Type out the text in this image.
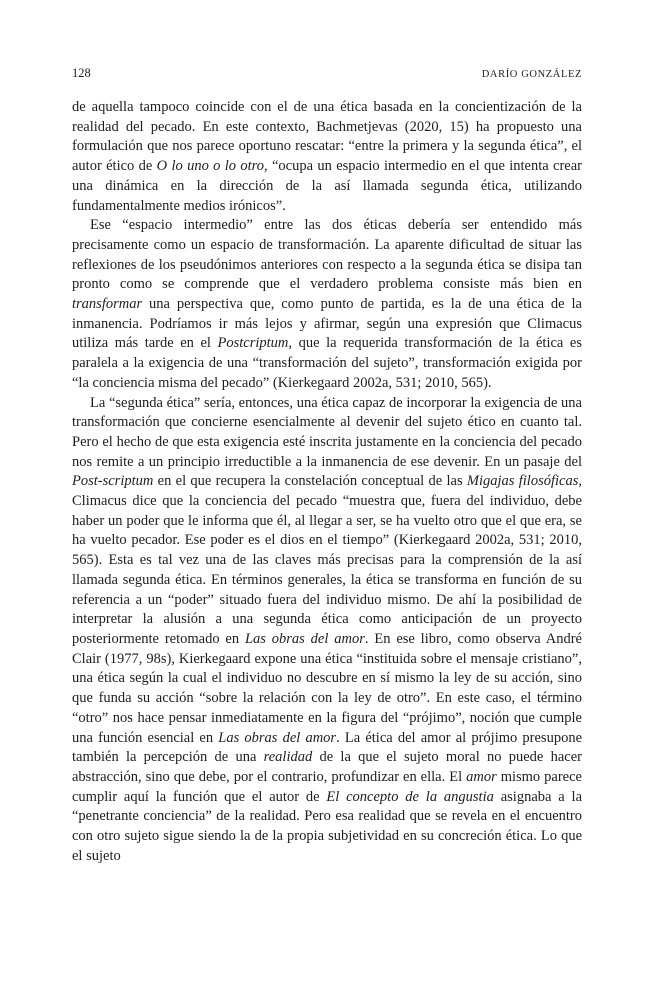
128	DARÍO GONZÁLEZ

de aquella tampoco coincide con el de una ética basada en la concientización de la realidad del pecado. En este contexto, Bachmetjevas (2020, 15) ha propuesto una formulación que nos parece oportuno rescatar: “entre la primera y la segunda ética”, el autor ético de O lo uno o lo otro, “ocupa un espacio intermedio en el que intenta crear una dinámica en la dirección de la así llamada segunda ética, utilizando fundamentalmente medios irónicos”.

Ese “espacio intermedio” entre las dos éticas debería ser entendido más precisamente como un espacio de transformación. La aparente dificultad de situar las reflexiones de los pseudónimos anteriores con respecto a la segunda ética se disipa tan pronto como se comprende que el verdadero problema consiste más bien en transformar una perspectiva que, como punto de partida, es la de una ética de la inmanencia. Podríamos ir más lejos y afirmar, según una expresión que Climacus utiliza más tarde en el Postcriptum, que la requerida transformación de la ética es paralela a la exigencia de una “transformación del sujeto”, transformación exigida por “la conciencia misma del pecado” (Kierkegaard 2002a, 531; 2010, 565).

La “segunda ética” sería, entonces, una ética capaz de incorporar la exigencia de una transformación que concierne esencialmente al devenir del sujeto ético en cuanto tal. Pero el hecho de que esta exigencia esté inscrita justamente en la conciencia del pecado nos remite a un principio irreductible a la inmanencia de ese devenir. En un pasaje del Post-scriptum en el que recupera la constelación conceptual de las Migajas filosóficas, Climacus dice que la conciencia del pecado “muestra que, fuera del individuo, debe haber un poder que le informa que él, al llegar a ser, se ha vuelto otro que el que era, se ha vuelto pecador. Ese poder es el dios en el tiempo” (Kierkegaard 2002a, 531; 2010, 565). Esta es tal vez una de las claves más precisas para la comprensión de la así llamada segunda ética. En términos generales, la ética se transforma en función de su referencia a un “poder” situado fuera del individuo mismo. De ahí la posibilidad de interpretar la alusión a una segunda ética como anticipación de un proyecto posteriormente retomado en Las obras del amor. En ese libro, como observa André Clair (1977, 98s), Kierkegaard expone una ética “instituida sobre el mensaje cristiano”, una ética según la cual el individuo no descubre en sí mismo la ley de su acción, sino que funda su acción “sobre la relación con la ley de otro”. En este caso, el término “otro” nos hace pensar inmediatamente en la figura del “prójimo”, noción que cumple una función esencial en Las obras del amor. La ética del amor al prójimo presupone también la percepción de una realidad de la que el sujeto moral no puede hacer abstracción, sino que debe, por el contrario, profundizar en ella. El amor mismo parece cumplir aquí la función que el autor de El concepto de la angustia asignaba a la “penetrante conciencia” de la realidad. Pero esa realidad que se revela en el encuentro con otro sujeto sigue siendo la de la propia subjetividad en su concreción ética. Lo que el sujeto
